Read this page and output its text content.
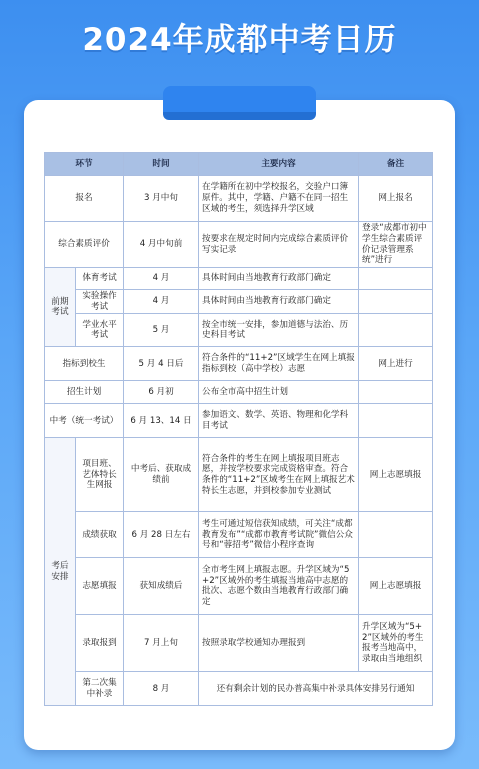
2024年成都中考日历
环节		时间	主要内容	备注
报名		3 月中旬	在学籍所在初中学校报名，交验户口簿原件。其中，学籍、户籍不在同一招生区域的考生，须选择升学区域	网上报名
综合素质评价		4 月中旬前	按要求在规定时间内完成综合素质评价写实记录	登录“成都市初中学生综合素质评价记录管理系统”进行
前期考试	体育考试	4 月	具体时间由当地教育行政部门确定	
	实验操作考试	4 月	具体时间由当地教育行政部门确定	
	学业水平考试	5 月	按全市统一安排，参加道德与法治、历史科目考试	
指标到校生		5 月 4 日后	符合条件的“11+2”区域学生在网上填报指标到校（高中学校）志愿	网上进行
招生计划		6 月初	公布全市高中招生计划	
中考（统一考试）		6 月 13、14 日	参加语文、数学、英语、物理和化学科目考试	
考后安排	项目班、艺体特长生网报	中考后、获取成绩前	符合条件的考生在网上填报项目班志愿，并按学校要求完成资格审查。符合条件的“11+2”区域考生在网上填报艺术特长生志愿，并到校参加专业测试	网上志愿填报
	成绩获取	6 月 28 日左右	考生可通过短信获知成绩，可关注“成都教育发布”“成都市教育考试院”微信公众号和“蓉招考”微信小程序查询	
	志愿填报	获知成绩后	全市考生网上填报志愿。升学区域为“5+2”区域外的考生填报当地高中志愿的批次、志愿个数由当地教育行政部门确定	网上志愿填报
	录取报到	7 月上旬	按照录取学校通知办理报到	升学区域为“5+2”区域外的考生报考当地高中，录取由当地组织
	第二次集中补录	8 月	还有剩余计划的民办普高集中补录具体安排另行通知	
